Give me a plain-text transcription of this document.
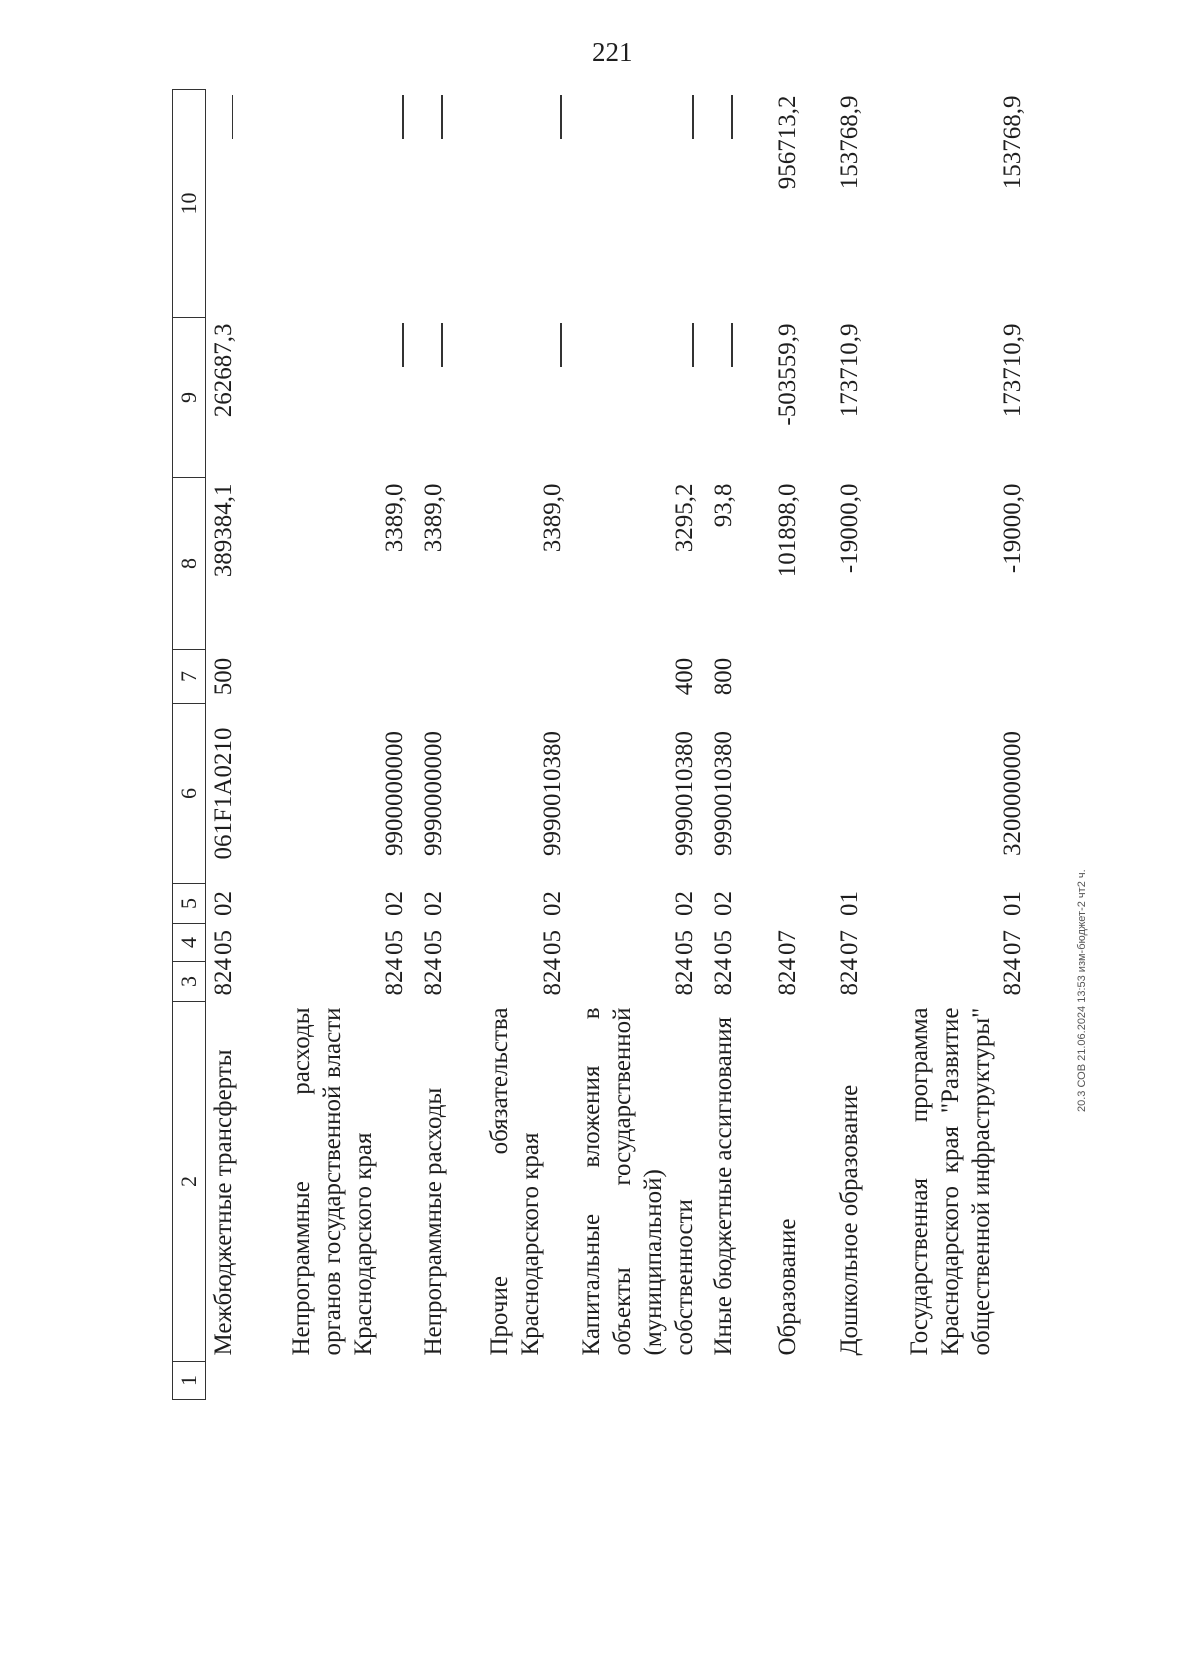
221
20.3 СОВ 21.06.2024 13:53 изм-бюджет-2 чт2 ч.
1	2	3	4	5	6	7	8	9	10
	Межбюджетные трансферты	824	05	02	061F1A0210	500	389384,1	262687,3	
	Непрограммные расходы органов государственной власти Краснодарского края	824	05	02	9900000000		3389,0		
	Непрограммные расходы	824	05	02	9990000000		3389,0		
	Прочие обязательства Краснодарского края	824	05	02	9990010380		3389,0		
	Капитальные вложения в объекты государственной (муниципальной) собственности	824	05	02	9990010380	400	3295,2		
	Иные бюджетные ассигнования	824	05	02	9990010380	800	93,8		
	Образование	824	07				101898,0	-503559,9	956713,2
	Дошкольное образование	824	07	01			-19000,0	173710,9	153768,9
	Государственная программа Краснодарского края "Развитие общественной инфраструктуры"	824	07	01	3200000000		-19000,0	173710,9	153768,9
